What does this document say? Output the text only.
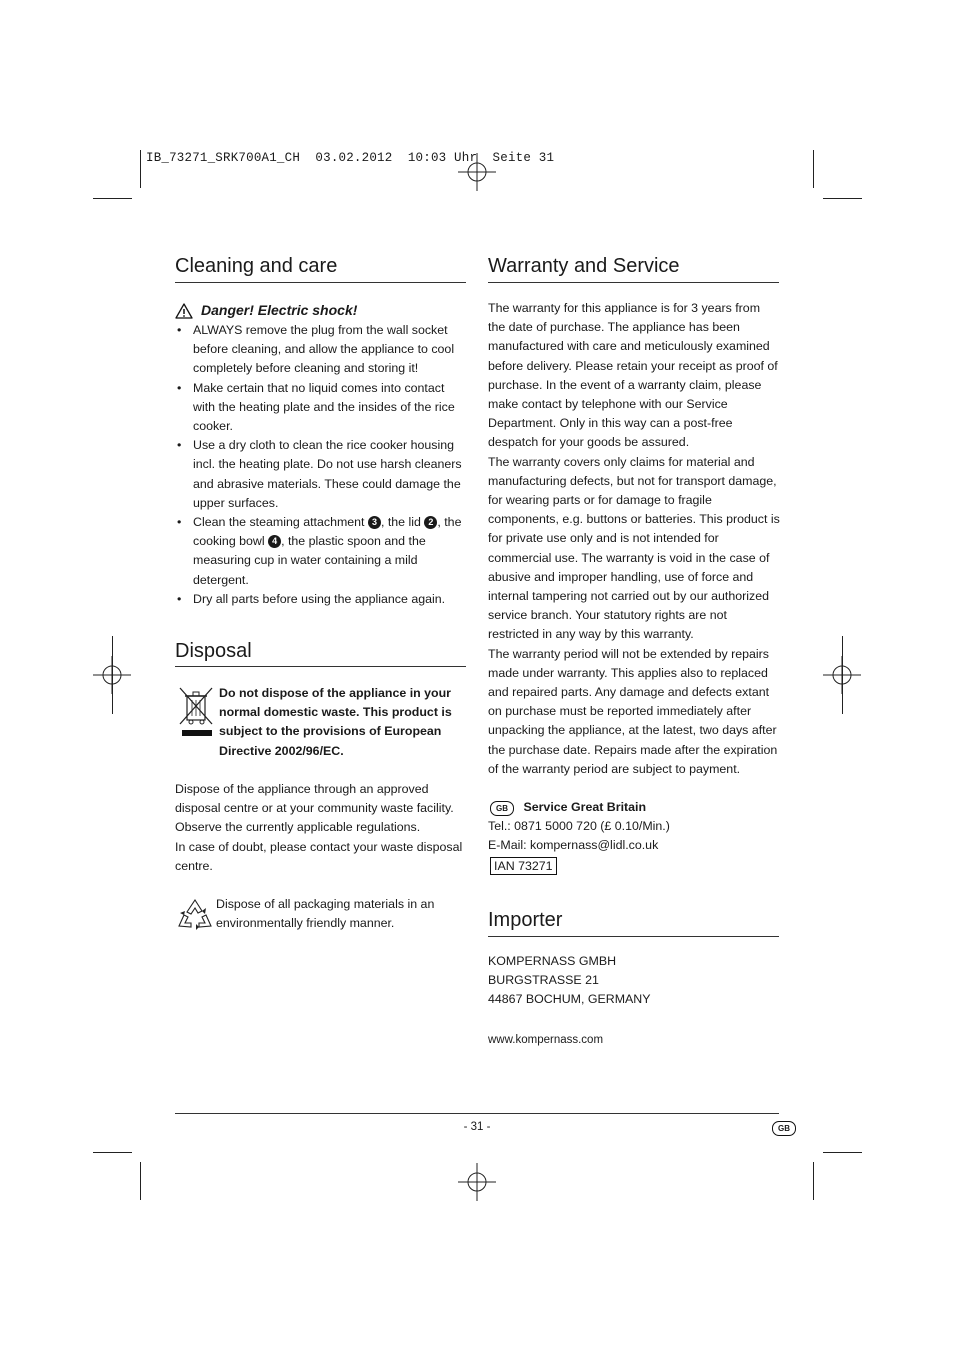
IB_73271_SRK700A1_CH  03.02.2012  10:03 Uhr  Seite 31
Cleaning and care
Danger! Electric shock!
• ALWAYS remove the plug from the wall socket before cleaning, and allow the appliance to cool completely before cleaning and storing it!
• Make certain that no liquid comes into contact with the heating plate and the insides of the rice cooker.
• Use a dry cloth to clean the rice cooker housing incl. the heating plate. Do not use harsh cleaners and abrasive materials. These could damage the upper surfaces.
• Clean the steaming attachment 3 , the lid 2 , the cooking bowl 4 , the plastic spoon and the measuring cup in water containing a mild detergent.
• Dry all parts before using the appliance again.
Disposal
Do not dispose of the appliance in your normal domestic waste. This product is subject to the provisions of European Directive 2002/96/EC.
Dispose of the appliance through an approved disposal centre or at your community waste facility. Observe the currently applicable regulations.
In case of doubt, please contact your waste disposal centre.
Dispose of all packaging materials in an environmentally friendly manner.
Warranty and Service
The warranty for this appliance is for 3 years from the date of purchase. The appliance has been manufactured with care and meticulously examined before delivery. Please retain your receipt as proof of purchase. In the event of a warranty claim, please make contact by telephone with our Service Department. Only in this way can a post-free despatch for your goods be assured.
The warranty covers only claims for material and manufacturing defects, but not for transport damage, for wearing parts or for damage to fragile components, e.g. buttons or batteries. This product is for private use only and is not intended for commercial use. The warranty is void in the case of abusive and improper handling, use of force and internal tampering not carried out by our authorized service branch. Your statutory rights are not restricted in any way by this warranty.
The warranty period will not be extended by repairs made under warranty. This applies also to replaced and repaired parts. Any damage and defects extant on purchase must be reported immediately after unpacking the appliance, at the latest, two days after the purchase date. Repairs made after the expiration of the warranty period are subject to payment.
GB Service Great Britain
Tel.: 0871 5000 720 (£ 0.10/Min.)
E-Mail: kompernass@lidl.co.uk
IAN 73271
Importer
KOMPERNASS GMBH
BURGSTRASSE 21
44867 BOCHUM, GERMANY
www.kompernass.com
- 31 -	GB
